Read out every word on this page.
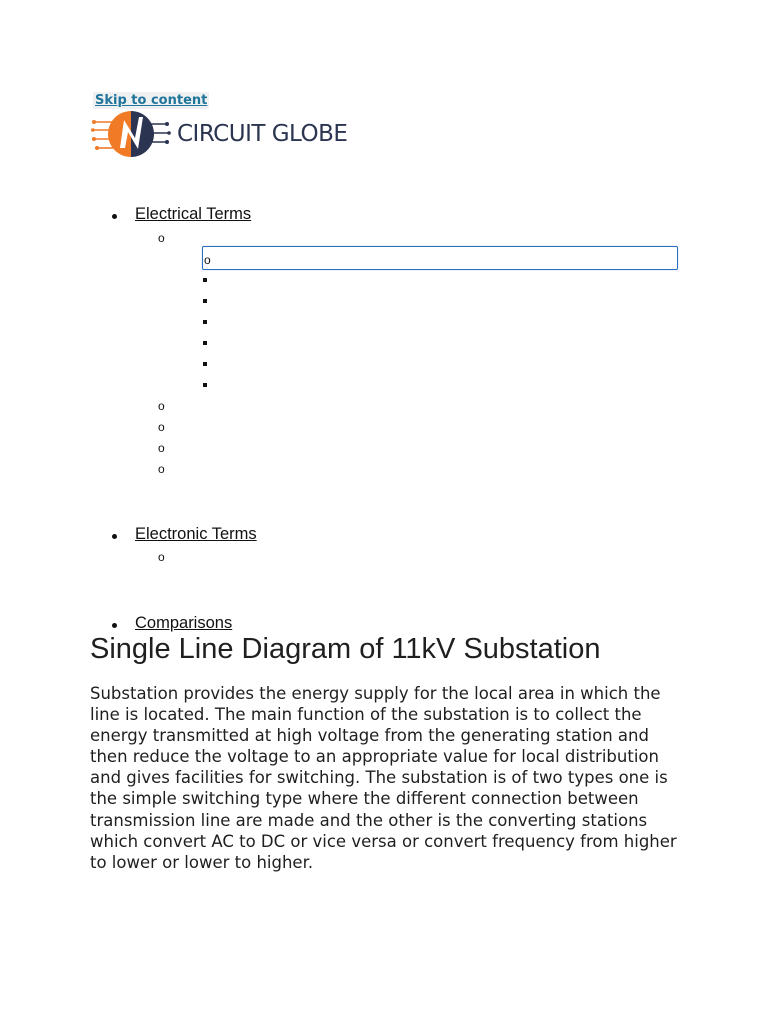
Skip to content
CIRCUIT GLOBE
Electrical Terms
o
o
o
o
o
o
Electronic Terms
o
Comparisons
Single Line Diagram of 11kV Substation

Substation provides the energy supply for the local area in which the line is located. The main function of the substation is to collect the energy transmitted at high voltage from the generating station and then reduce the voltage to an appropriate value for local distribution and gives facilities for switching. The substation is of two types one is the simple switching type where the different connection between transmission line are made and the other is the converting stations which convert AC to DC or vice versa or convert frequency from higher to lower or lower to higher.
